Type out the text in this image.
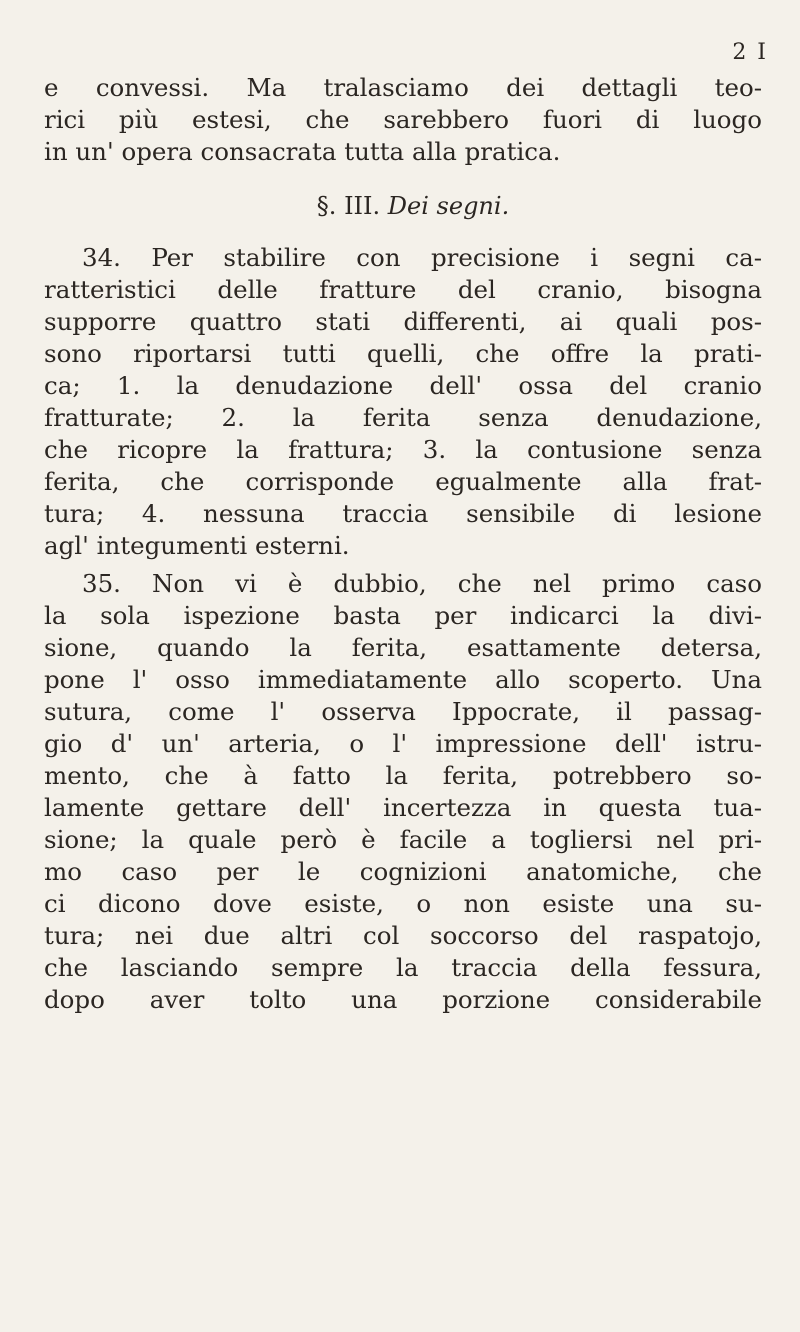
2 I
e convessi. Ma tralasciamo dei dettagli teo-
rici più estesi, che sarebbero fuori di luogo
in un' opera consacrata tutta alla pratica.
§. III. Dei segni.
34. Per stabilire con precisione i segni ca-
ratteristici delle fratture del cranio, bisogna
supporre quattro stati differenti, ai quali pos-
sono riportarsi tutti quelli, che offre la prati-
ca; 1. la denudazione dell' ossa del cranio
fratturate; 2. la ferita senza denudazione,
che ricopre la frattura; 3. la contusione senza
ferita, che corrisponde egualmente alla frat-
tura; 4. nessuna traccia sensibile di lesione
agl' integumenti esterni.
35. Non vi è dubbio, che nel primo caso
la sola ispezione basta per indicarci la divi-
sione, quando la ferita, esattamente detersa,
pone l' osso immediatamente allo scoperto. Una
sutura, come l' osserva Ippocrate, il passag-
gio d' un' arteria, o l' impressione dell' istru-
mento, che à fatto la ferita, potrebbero so-
lamente gettare dell' incertezza in questa tua-
sione; la quale però è facile a togliersi nel pri-
mo caso per le cognizioni anatomiche, che
ci dicono dove esiste, o non esiste una su-
tura; nei due altri col soccorso del raspatojo,
che lasciando sempre la traccia della fessura,
dopo aver tolto una porzione considerabile
